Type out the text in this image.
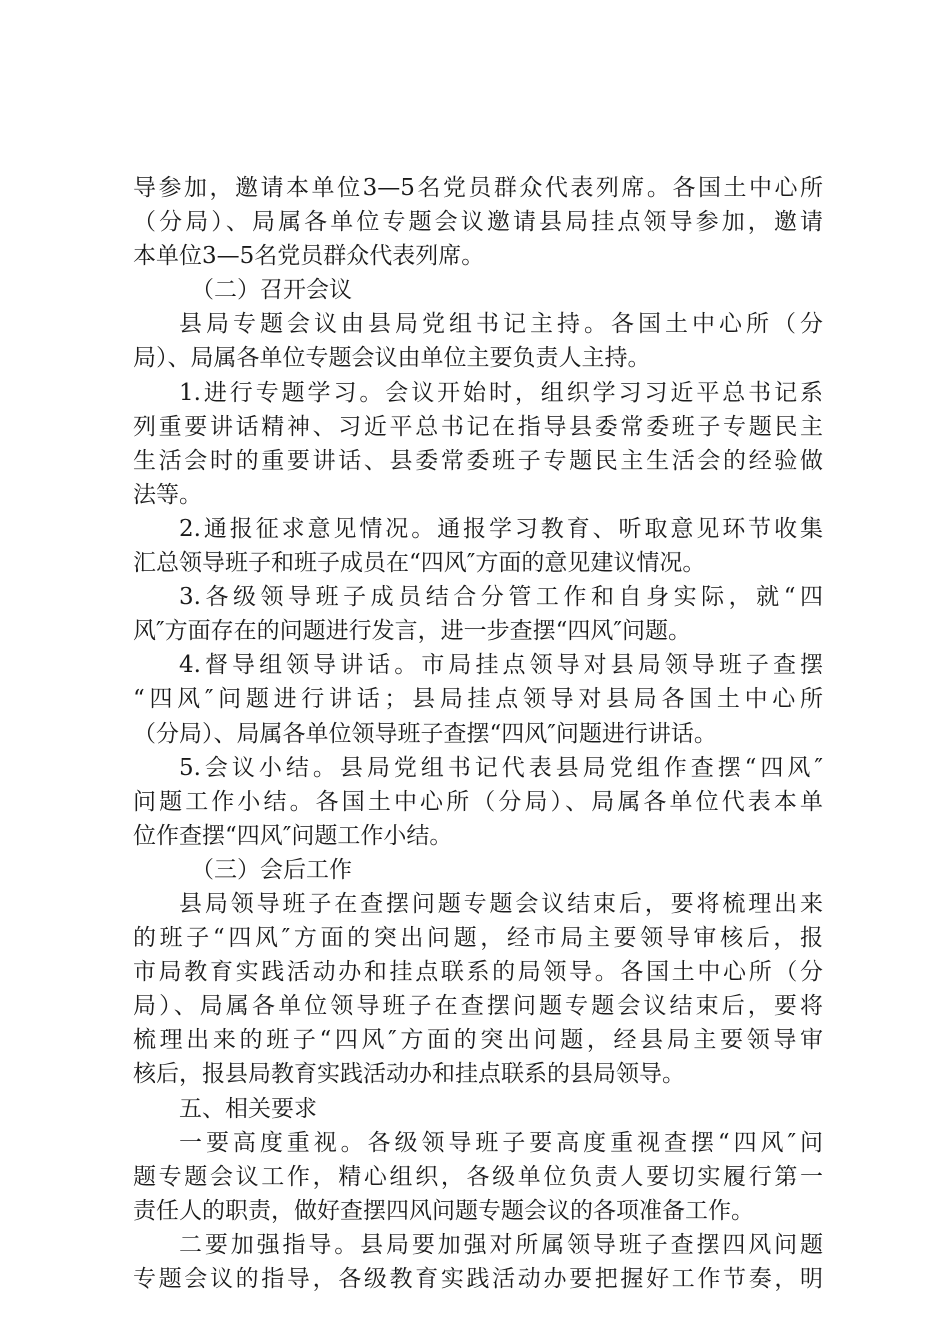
导参加，邀请本单位3—5名党员群众代表列席。各国土中心所
（分局）、局属各单位专题会议邀请县局挂点领导参加，邀请
本单位3—5名党员群众代表列席。
（二）召开会议
县局专题会议由县局党组书记主持。各国土中心所（分
局）、局属各单位专题会议由单位主要负责人主持。
1.进行专题学习。会议开始时，组织学习习近平总书记系
列重要讲话精神、习近平总书记在指导县委常委班子专题民主
生活会时的重要讲话、县委常委班子专题民主生活会的经验做
法等。
2.通报征求意见情况。通报学习教育、听取意见环节收集
汇总领导班子和班子成员在“四风″方面的意见建议情况。
3.各级领导班子成员结合分管工作和自身实际，就“四
风″方面存在的问题进行发言，进一步查摆“四风″问题。
4.督导组领导讲话。市局挂点领导对县局领导班子查摆
“四风″问题进行讲话；县局挂点领导对县局各国土中心所
（分局）、局属各单位领导班子查摆“四风″问题进行讲话。
5.会议小结。县局党组书记代表县局党组作查摆“四风″
问题工作小结。各国土中心所（分局）、局属各单位代表本单
位作查摆“四风″问题工作小结。
（三）会后工作
县局领导班子在查摆问题专题会议结束后，要将梳理出来
的班子“四风″方面的突出问题，经市局主要领导审核后，报
市局教育实践活动办和挂点联系的局领导。各国土中心所（分
局）、局属各单位领导班子在查摆问题专题会议结束后，要将
梳理出来的班子“四风″方面的突出问题，经县局主要领导审
核后，报县局教育实践活动办和挂点联系的县局领导。
五、相关要求
一要高度重视。各级领导班子要高度重视查摆“四风″问
题专题会议工作，精心组织，各级单位负责人要切实履行第一
责任人的职责，做好查摆四风问题专题会议的各项准备工作。
二要加强指导。县局要加强对所属领导班子查摆四风问题
专题会议的指导，各级教育实践活动办要把握好工作节奏，明
